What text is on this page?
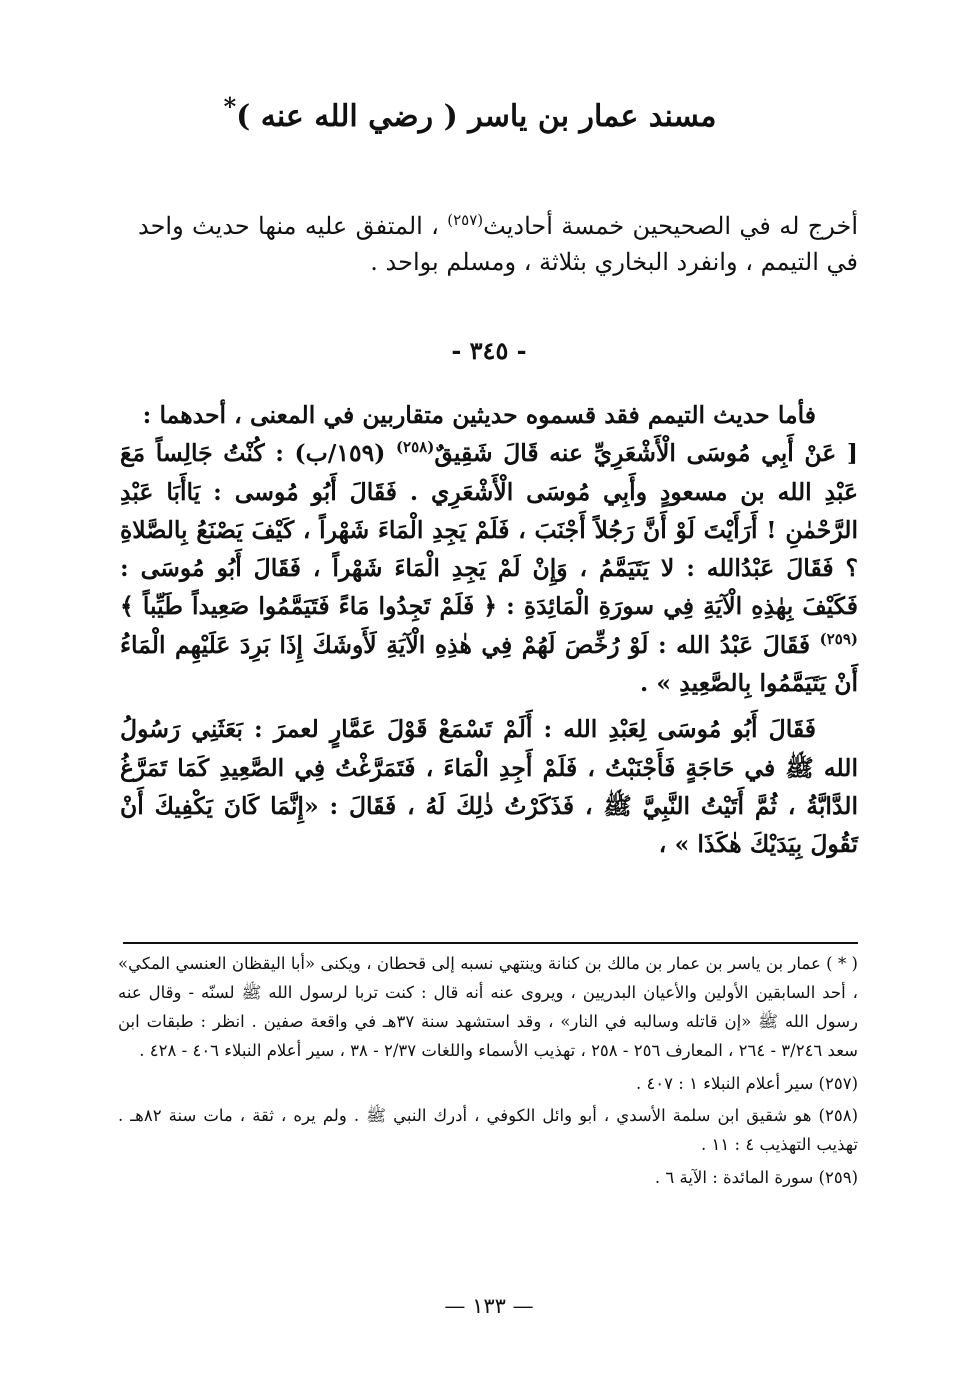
مسند عمار بن ياسر ( رضي الله عنه )*
أخرج له في الصحيحين خمسة أحاديث$^{(٢٥٧)}$ ، المتفق عليه منها حديث واحد في التيمم ، وانفرد البخاري بثلاثة ، ومسلم بواحد .
- ٣٤٥ -

فأما حديث التيمم فقد قسموه حديثين متقاربين في المعنى ، أحدهما :

[ عَنْ أَبِي مُوسَى الْأَشْعَرِيِّ عنه قَالَ شَقِيقٌ$^{(٢٥٨)}$ (١٥٩/ب) : كُنْتُ جَالِساً مَعَ عَبْدِ الله بن مسعودٍ وأَبِي مُوسَى الْأَشْعَرِي . فَقَالَ أَبُو مُوسى : يَاأَبَا عَبْدِ الرَّحْمٰنِ ! أَرَأَيْتَ لَوْ أَنَّ رَجُلاً أَجْنَبَ ، فَلَمْ يَجِدِ الْمَاءَ شَهْراً ، كَيْفَ يَصْنَعُ بِالصَّلاةِ ؟ فَقَالَ عَبْدُالله : لا يَتَيَمَّمُ ، وَإِنْ لَمْ يَجِدِ الْمَاءَ شَهْراً ، فَقَالَ أَبُو مُوسَى : فَكَيْفَ بِهٰذِهِ الْآيَةِ فِي سورَةِ الْمَائِدَةِ : ﴿ فَلَمْ تَجِدُوا مَاءً فَتَيَمَّمُوا صَعِيداً طَيِّباً ﴾$^{(٢٥٩)}$ فَقَالَ عَبْدُ الله : لَوْ رُخِّصَ لَهُمْ فِي هٰذِهِ الْآيَةِ لَأَوشَكَ إِذَا بَرِدَ عَلَيْهِم الْمَاءُ أَنْ يَتَيَمَّمُوا بِالصَّعِيدِ » .

فَقَالَ أَبُو مُوسَى لِعَبْدِ الله : أَلَمْ تَسْمَعْ قَوْلَ عَمَّارٍ لعمرَ : بَعَثَنِي رَسُولُ الله ﷺ في حَاجَةٍ فَأَجْنَبْتُ ، فَلَمْ أَجِدِ الْمَاءَ ، فَتَمَرَّغْتُ فِي الصَّعِيدِ كَمَا تَمَرَّغُ الدَّابَّةُ ، ثُمَّ أَتَيْتُ النَّبِيَّ ﷺ ، فَذَكَرْتُ ذٰلِكَ لَهُ ، فَقَالَ : «إِنَّمَا كَانَ يَكْفِيكَ أَنْ تَقُولَ بِيَدَيْكَ هٰكَذَا » ،

( * ) عمار بن ياسر بن عمار بن مالك بن كنانة وينتهي نسبه إلى قحطان ، ويكنى «أبا اليقظان العنسي المكي» ، أحد السابقين الأولين والأعيان البدريين ، ويروى عنه أنه قال : كنت تربا لرسول الله ﷺ لسنّه - وقال عنه رسول الله ﷺ «إن قاتله وسالبه في النار» ، وقد استشهد سنة ٣٧هـ في واقعة صفين . انظر : طبقات ابن سعد ٣/٢٤٦ - ٢٦٤ ، المعارف ٢٥٦ - ٢٥٨ ، تهذيب الأسماء واللغات ٢/٣٧ - ٣٨ ، سير أعلام النبلاء ٤٠٦ - ٤٢٨ .

(٢٥٧) سير أعلام النبلاء ١ : ٤٠٧ .

(٢٥٨) هو شقيق ابن سلمة الأسدي ، أبو وائل الكوفي ، أدرك النبي ﷺ . ولم يره ، ثقة ، مات سنة ٨٢هـ . تهذيب التهذيب ٤ : ١١ .

(٢٥٩) سورة المائدة : الآية ٦ .

— ١٣٣ —
